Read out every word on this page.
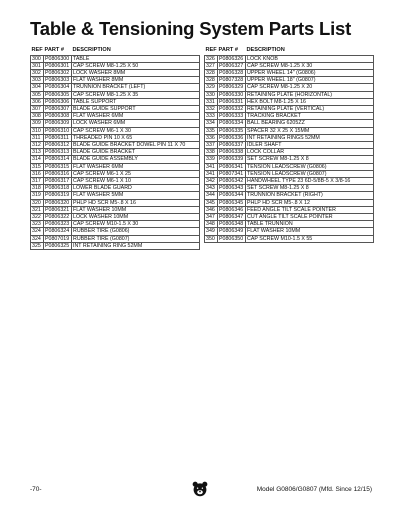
Table & Tensioning System Parts List
REF	PART #	DESCRIPTION
300	P0806300	TABLE
301	P0806301	CAP SCREW M8-1.25 X 50
302	P0806302	LOCK WASHER 8MM
303	P0806303	FLAT WASHER 8MM
304	P0806304	TRUNNION BRACKET (LEFT)
305	P0806305	CAP SCREW M8-1.25 X 35
306	P0806306	TABLE SUPPORT
307	P0806307	BLADE GUIDE SUPPORT
308	P0806308	FLAT WASHER 6MM
309	P0806309	LOCK WASHER 6MM
310	P0806310	CAP SCREW M6-1 X 30
311	P0806311	THREADED PIN 10 X 65
312	P0806312	BLADE GUIDE BRACKET DOWEL PIN 11 X 70
313	P0806313	BLADE GUIDE BRACKET
314	P0806314	BLADE GUIDE ASSEMBLY
315	P0806315	FLAT WASHER 6MM
316	P0806316	CAP SCREW M6-1 X 25
317	P0806317	CAP SCREW M6-1 X 10
318	P0806318	LOWER BLADE GUARD
319	P0806319	FLAT WASHER 5MM
320	P0806320	PHLP HD SCR M5-.8 X 16
321	P0806321	FLAT WASHER 10MM
322	P0806322	LOCK WASHER 10MM
323	P0806323	CAP SCREW M10-1.5 X 30
324	P0806324	RUBBER TIRE (G0806)
324	P0807019	RUBBER TIRE (G0807)
325	P0806325	INT RETAINING RING 52MM
REF	PART #	DESCRIPTION
326	P0806326	LOCK KNOB
327	P0806327	CAP SCREW M8-1.25 X 30
328	P0806328	UPPER WHEEL 14" (G0806)
328	P0807328	UPPER WHEEL 18" (G0807)
329	P0806329	CAP SCREW M8-1.25 X 20
330	P0806330	RETAINING PLATE (HORIZONTAL)
331	P0806331	HEX BOLT M8-1.25 X 16
332	P0806332	RETAINING PLATE (VERTICAL)
333	P0806333	TRACKING BRACKET
334	P0806334	BALL BEARING 6205ZZ
335	P0806335	SPACER 32 X 25 X 15MM
336	P0806336	INT RETAINING RINGS 52MM
337	P0806337	IDLER SHAFT
338	P0806338	LOCK COLLAR
339	P0806339	SET SCREW M8-1.25 X 8
341	P0806341	TENSION LEADSCREW (G0806)
341	P0807341	TENSION LEADSCREW (G0807)
342	P0806342	HANDWHEEL TYPE 23 6D-5/8B-5 X 3/8-16
343	P0806343	SET SCREW M8-1.25 X 8
344	P0806344	TRUNNION BRACKET (RIGHT)
345	P0806345	PHLP HD SCR M5-.8 X 12
346	P0806346	FEED ANGLE TILT SCALE POINTER
347	P0806347	CUT ANGLE TILT SCALE POINTER
348	P0806348	TABLE TRUNNION
349	P0806349	FLAT WASHER 10MM
350	P0806350	CAP SCREW M10-1.5 X 55
-70-	Model G0806/G0807 (Mfd. Since 12/15)
